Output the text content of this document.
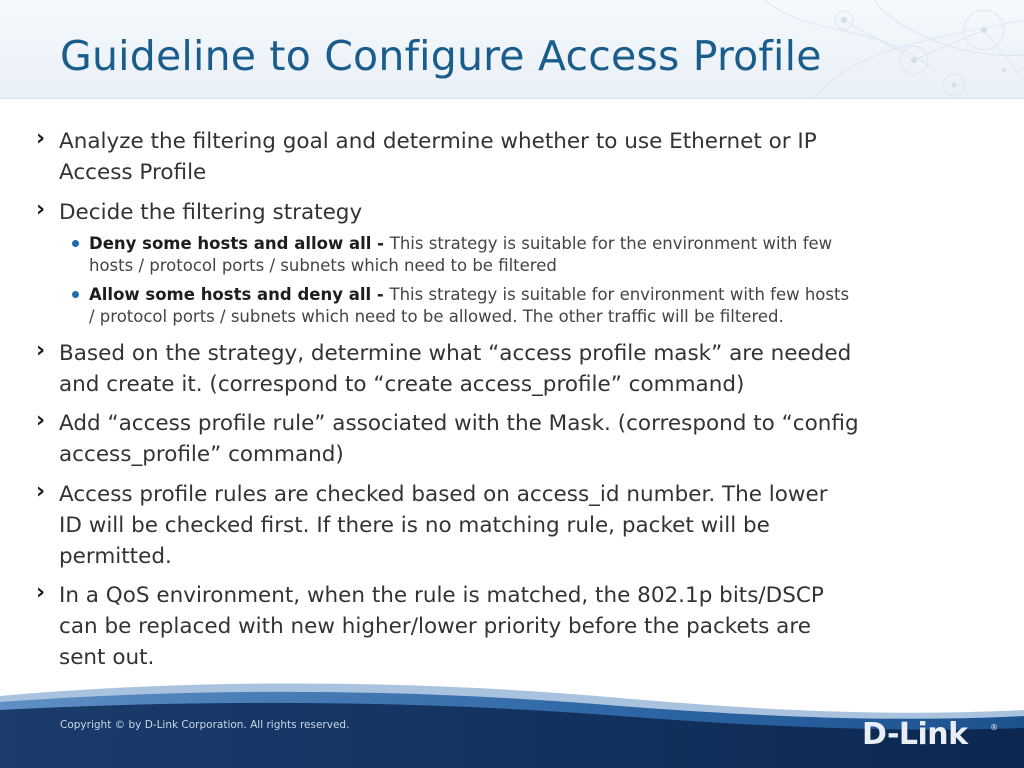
Guideline to Configure Access Profile
› Analyze the filtering goal and determine whether to use Ethernet or IP
Access Profile
› Decide the filtering strategy
Deny some hosts and allow all - This strategy is suitable for the environment with few
hosts / protocol ports / subnets which need to be filtered
Allow some hosts and deny all - This strategy is suitable for environment with few hosts
/ protocol ports / subnets which need to be allowed. The other traffic will be filtered.
› Based on the strategy, determine what “access profile mask” are needed
and create it. (correspond to “create access_profile” command)
› Add “access profile rule” associated with the Mask. (correspond to “config
access_profile” command)
› Access profile rules are checked based on access_id number. The lower
ID will be checked first. If there is no matching rule, packet will be
permitted.
› In a QoS environment, when the rule is matched, the 802.1p bits/DSCP
can be replaced with new higher/lower priority before the packets are
sent out.
Copyright © by D-Link Corporation. All rights reserved.	D-Link	®
